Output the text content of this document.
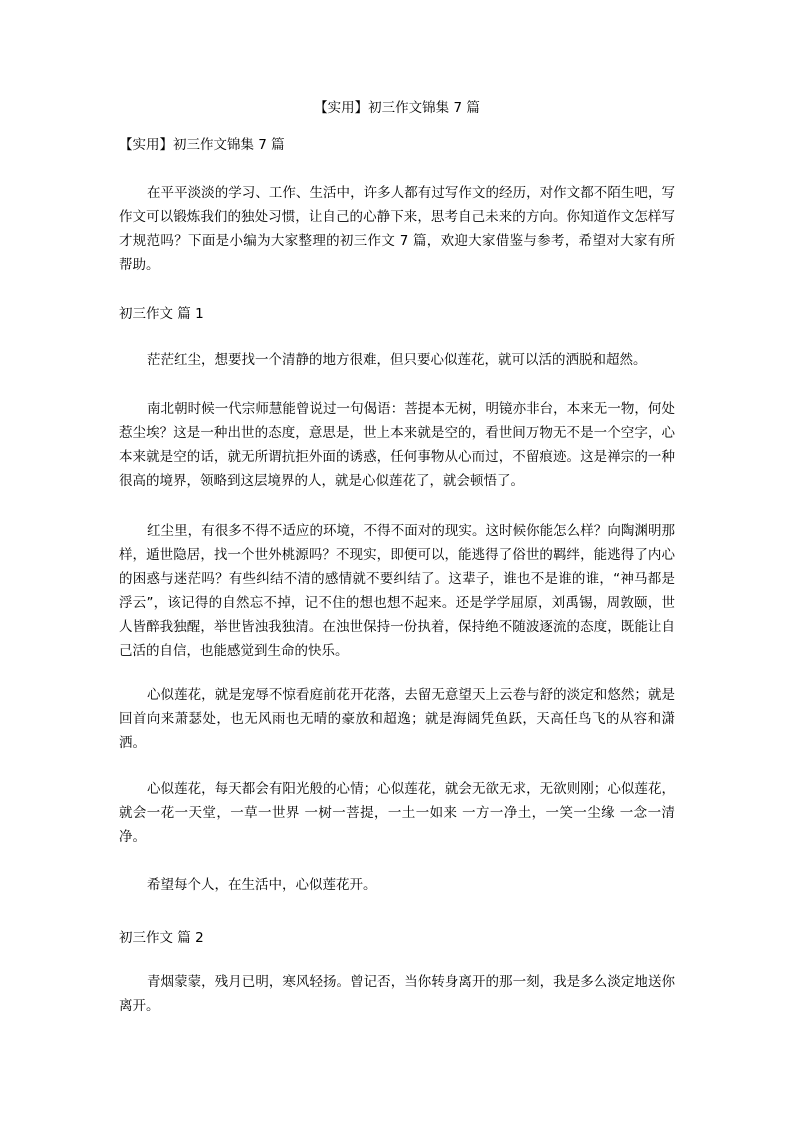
【实用】初三作文锦集 7 篇
【实用】初三作文锦集 7 篇

在平平淡淡的学习、工作、生活中，许多人都有过写作文的经历，对作文都不陌生吧，写作文可以锻炼我们的独处习惯，让自己的心静下来，思考自己未来的方向。你知道作文怎样写才规范吗？下面是小编为大家整理的初三作文 7 篇，欢迎大家借鉴与参考，希望对大家有所帮助。

初三作文 篇 1

茫茫红尘，想要找一个清静的地方很难，但只要心似莲花，就可以活的洒脱和超然。

南北朝时候一代宗师慧能曾说过一句偈语：菩提本无树，明镜亦非台，本来无一物，何处惹尘埃？这是一种出世的态度，意思是，世上本来就是空的，看世间万物无不是一个空字，心本来就是空的话，就无所谓抗拒外面的诱惑，任何事物从心而过，不留痕迹。这是禅宗的一种很高的境界，领略到这层境界的人，就是心似莲花了，就会顿悟了。

红尘里，有很多不得不适应的环境，不得不面对的现实。这时候你能怎么样？向陶渊明那样，遁世隐居，找一个世外桃源吗？不现实，即便可以，能逃得了俗世的羁绊，能逃得了内心的困惑与迷茫吗？有些纠结不清的感情就不要纠结了。这辈子，谁也不是谁的谁，“神马都是浮云”，该记得的自然忘不掉，记不住的想也想不起来。还是学学屈原，刘禹锡，周敦颐，世人皆醉我独醒，举世皆浊我独清。在浊世保持一份执着，保持绝不随波逐流的态度，既能让自己活的自信，也能感觉到生命的快乐。

心似莲花，就是宠辱不惊看庭前花开花落，去留无意望天上云卷与舒的淡定和悠然；就是回首向来萧瑟处，也无风雨也无晴的豪放和超逸；就是海阔凭鱼跃，天高任鸟飞的从容和潇洒。

心似莲花，每天都会有阳光般的心情；心似莲花，就会无欲无求，无欲则刚；心似莲花，就会一花一天堂，一草一世界 一树一菩提，一土一如来 一方一净土，一笑一尘缘 一念一清净。

希望每个人，在生活中，心似莲花开。

初三作文 篇 2

青烟蒙蒙，残月已明，寒风轻扬。曾记否，当你转身离开的那一刻，我是多么淡定地送你离开。
